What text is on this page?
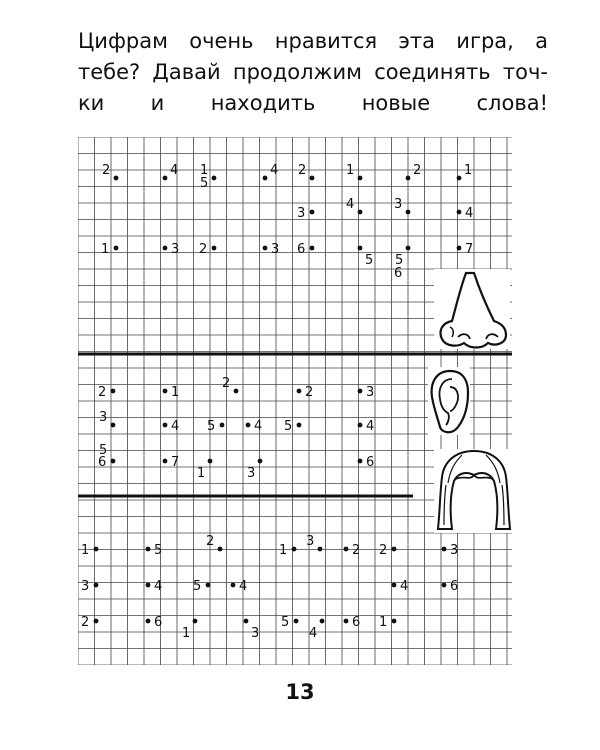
Цифрам очень нравится эта игра, а
тебе? Давай продолжим соединять точ-
ки и находить новые слова!
2
1
4
3
1
5
2
4
3
2
3
6
1
4
5
2
3
5
6
1
4
7
2
3
5
6
1
4
7
2
1
5	4
3
2	3
5	4
6
1
3
2
5
4
6
2
5	4
1	3
1
3
2
5
4
6
2	3
4
1
6
13
